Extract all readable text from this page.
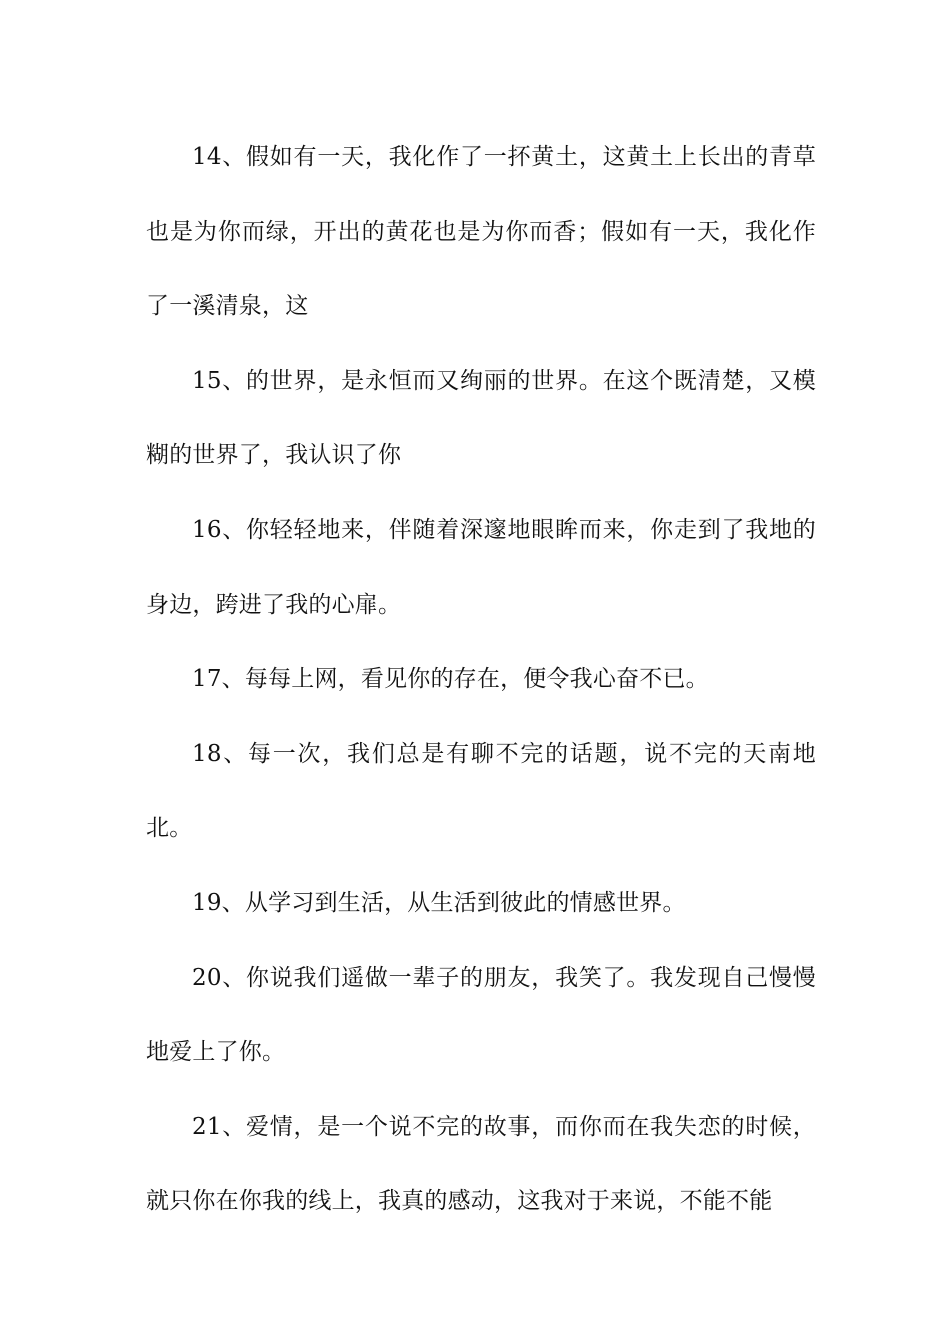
14、假如有一天，我化作了一抔黄土，这黄土上长出的青草也是为你而绿，开出的黄花也是为你而香；假如有一天，我化作了一溪清泉，这

15、的世界，是永恒而又绚丽的世界。在这个既清楚，又模糊的世界了，我认识了你

16、你轻轻地来，伴随着深邃地眼眸而来，你走到了我地的身边，跨进了我的心扉。

17、每每上网，看见你的存在，便令我心奋不已。

18、每一次，我们总是有聊不完的话题，说不完的天南地北。

19、从学习到生活，从生活到彼此的情感世界。

20、你说我们遥做一辈子的朋友，我笑了。我发现自己慢慢地爱上了你。

21、爱情，是一个说不完的故事，而你而在我失恋的时候，就只你在你我的线上，我真的感动，这我对于来说，不能不能
